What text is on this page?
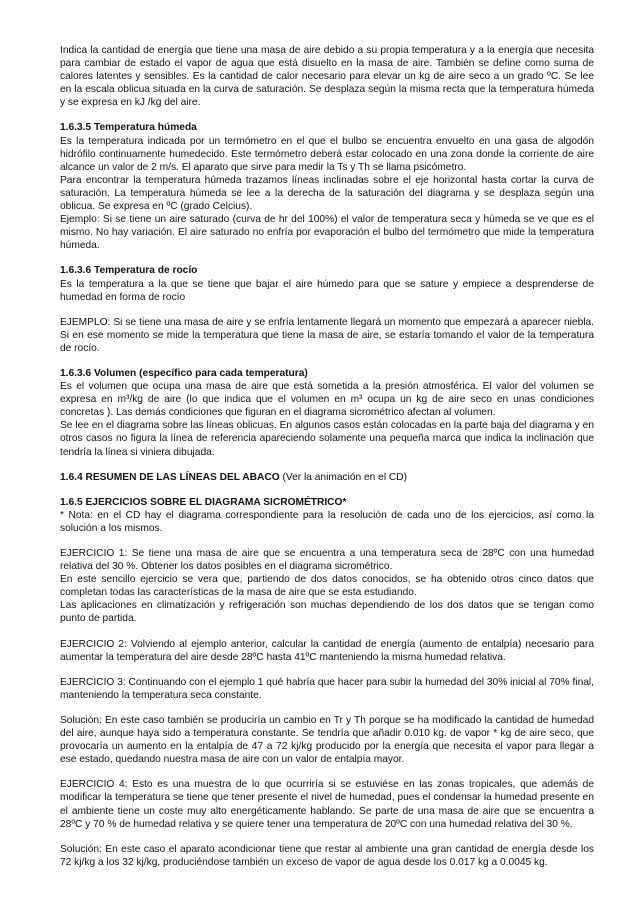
Indica la cantidad de energía que tiene una masa de aire debido a su propia temperatura y a la energía que necesita para cambiar de estado el vapor de agua que está disuelto en la masa de aire. También se define como suma de calores latentes y sensibles. Es la cantidad de calor necesario para elevar un kg de aire seco a un grado ºC. Se lee en la escala oblicua situada en la curva de saturación. Se desplaza según la misma recta que la temperatura húmeda y se expresa en kJ /kg del aire.

1.6.3.5 Temperatura húmeda

Es la temperatura indicada por un termómetro en el que el bulbo se encuentra envuelto en una gasa de algodón hidrófilo continuamente humedecido. Este termómetro deberá estar colocado en una zona donde la corriente de aire alcance un valor de 2 m/s. El aparato que sirve para medir la Ts y Th se llama psicómetro.

Para encontrar la temperatura húmeda trazamos líneas inclinadas sobre el eje horizontal hasta cortar la curva de saturación. La temperatura húmeda se lee a la derecha de la saturación del diagrama y se desplaza según una oblicua. Se expresa en ºC (grado Celcius).

Ejemplo: Si se tiene un aire saturado (curva de hr del 100%) el valor de temperatura seca y húmeda se ve que es el mismo. No hay variación. El aire saturado no enfría por evaporación el bulbo del termómetro que mide la temperatura húmeda.

1.6.3.6 Temperatura de rocío

Es la temperatura a la que se tiene que bajar el aire húmedo para que se sature y empiece a desprenderse de humedad en forma de rocío

EJEMPLO: Si se tiene una masa de aire y se enfría lentamente llegará un momento que empezará a aparecer niebla. Si en ese momento se mide la temperatura que tiene la masa de aire, se estaría tomando el valor de la temperatura de rocío.

1.6.3.6 Volumen (específico para cada temperatura)

Es el volumen que ocupa una masa de aire que está sometida a la presión atmosférica. El valor del volumen se expresa en m³/kg de aire (lo que indica que el volumen en m³ ocupa un kg de aire seco en unas condiciones concretas ). Las demás condiciones que figuran en el diagrama sicrométrico afectan al volumen.

Se lee en el diagrama sobre las líneas oblicuas. En algunos casos están colocadas en la parte baja del diagrama y en otros casos no figura la línea de referencia apareciendo solamente una pequeña marca que indica la inclinación que tendría la línea si viniera dibujada.

1.6.4 RESUMEN DE LAS LÍNEAS DEL ABACO (Ver la animación en el CD)

1.6.5 EJERCICIOS SOBRE EL DIAGRAMA SICROMÉTRICO*

* Nota: en el CD hay el diagrama correspondiente para la resolución de cada uno de los ejercicios, así como la solución a los mismos.

EJERCICIO 1: Se tiene una masa de aire que se encuentra a una temperatura seca de 28ºC con una humedad relativa del 30 %. Obtener los datos posibles en el diagrama sicrométrico.

En este sencillo ejercicio se vera que, partiendo de dos datos conocidos, se ha obtenido otros cinco datos que completan todas las características de la masa de aire que se esta estudiando.

Las aplicaciones en climatización y refrigeración son muchas dependiendo de los dos datos que se tengan como punto de partida.

EJERCICIO 2: Volviendo al ejemplo anterior, calcular la cantidad de energía (aumento de entalpía) necesario para aumentar la temperatura del aire desde 28ºC hasta 41ºC manteniendo la misma humedad relativa.

EJERCICIO 3: Continuando con el ejemplo 1 qué habría que hacer para subir la humedad del 30% inicial al 70% final, manteniendo la temperatura seca constante.

Solución: En este caso también se produciría un cambio en Tr y Th porque se ha modificado la cantidad de humedad del aire, aunque haya sido a temperatura constante. Se tendría que añadir 0.010 kg. de vapor * kg de aire seco, que provocaría un aumento en la entalpía de 47 a 72 kj/kg producido por la energía que necesita el vapor para llegar a ese estado, quedando nuestra masa de aire con un valor de entalpía mayor.

EJERCICIO 4: Esto es una muestra de lo que ocurriría si se estuviése en las zonas tropicales, que además de modificar la temperatura se tiene que tener presente el nivel de humedad, pues el condensar la humedad presente en el ambiente tiene un coste muy alto energéticamente hablando. Se parte de una masa de aire que se encuentra a 28ºC y 70 % de humedad relativa y se quiere tener una temperatura de 20ºC con una humedad relativa del 30 %.

Solución: En este caso el aparato acondicionar tiene que restar al ambiente una gran cantidad de energía desde los 72 kj/kg a los 32 kj/kg, produciéndose también un exceso de vapor de agua desde los 0.017 kg a 0.0045 kg.
